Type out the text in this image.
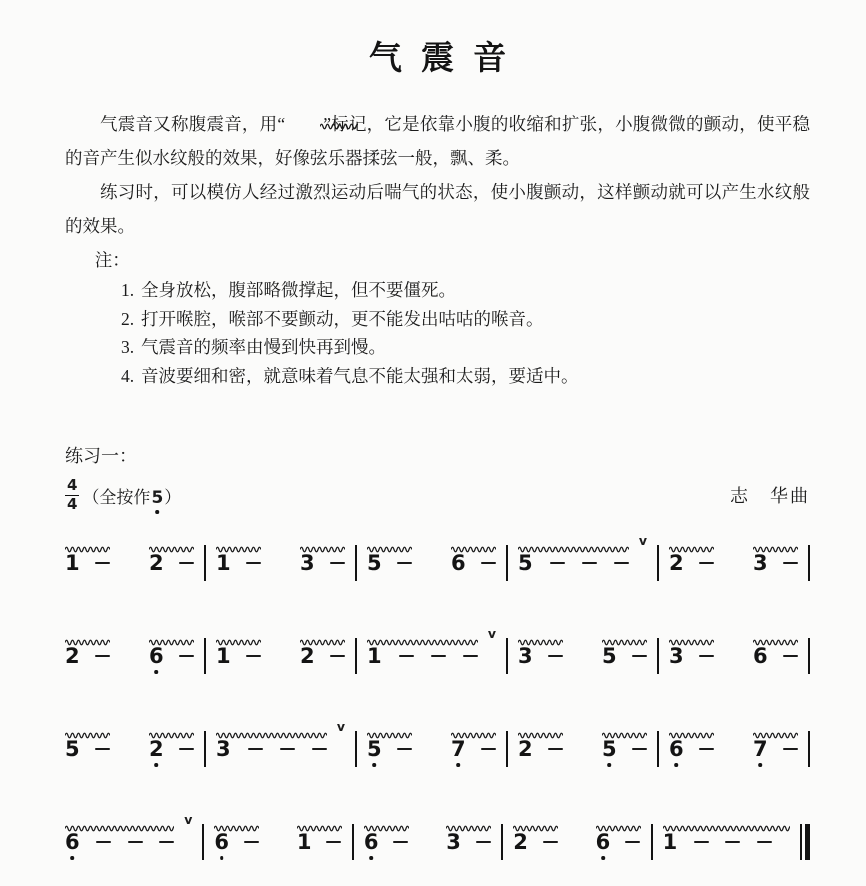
气震音

气震音又称腹震音，用“ ”标记，它是依靠小腹的收缩和扩张，小腹微微的颤动，使平稳的音产生似水纹般的效果，好像弦乐器揉弦一般，飘、柔。

练习时，可以模仿人经过激烈运动后喘气的状态，使小腹颤动，这样颤动就可以产生水纹般的效果。

注：
1. 全身放松，腹部略微撑起，但不要僵死。
2. 打开喉腔，喉部不要颤动，更不能发出咕咕的喉音。
3. 气震音的频率由慢到快再到慢。
4. 音波要细和密，就意味着气息不能太强和太弱，要适中。
练习一：
$\frac{4}{4}$ （全按作5）	志　华曲
1	2 1	3 5	6 5
v
2	3
2	6 1	2 1
v
3	5 3	6
5	2 3
v
5	7 2	5 6	7
6
v
6	1 6	3 2	6 1
